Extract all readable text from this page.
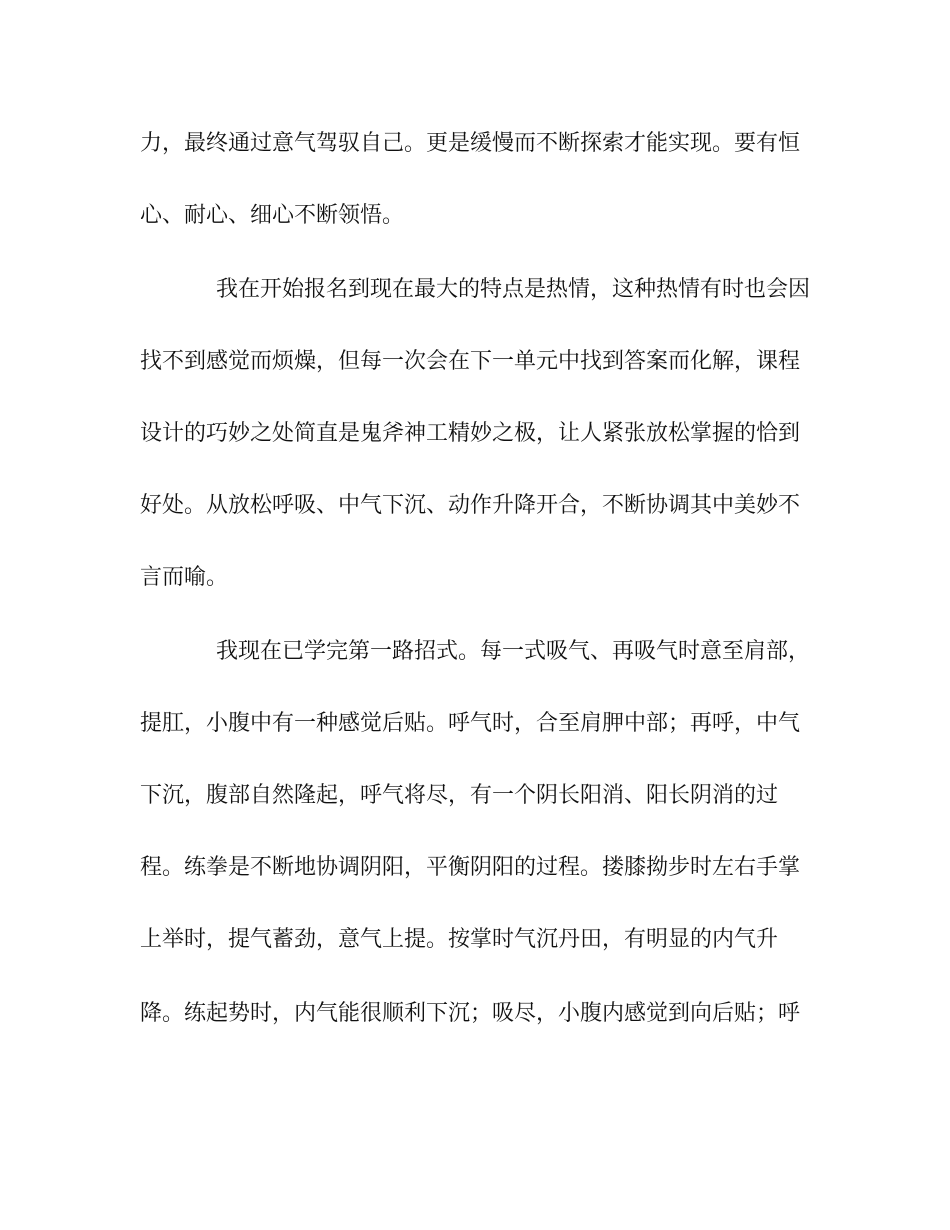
力，最终通过意气驾驭自己。更是缓慢而不断探索才能实现。要有恒
心、耐心、细心不断领悟。
我在开始报名到现在最大的特点是热情，这种热情有时也会因
找不到感觉而烦燥，但每一次会在下一单元中找到答案而化解，课程
设计的巧妙之处简直是鬼斧神工精妙之极，让人紧张放松掌握的恰到
好处。从放松呼吸、中气下沉、动作升降开合，不断协调其中美妙不
言而喻。
我现在已学完第一路招式。每一式吸气、再吸气时意至肩部，
提肛，小腹中有一种感觉后贴。呼气时，合至肩胛中部；再呼，中气
下沉，腹部自然隆起，呼气将尽，有一个阴长阳消、阳长阴消的过
程。练拳是不断地协调阴阳，平衡阴阳的过程。搂膝拗步时左右手掌
上举时，提气蓄劲，意气上提。按掌时气沉丹田，有明显的内气升
降。练起势时，内气能很顺利下沉；吸尽，小腹内感觉到向后贴；呼
